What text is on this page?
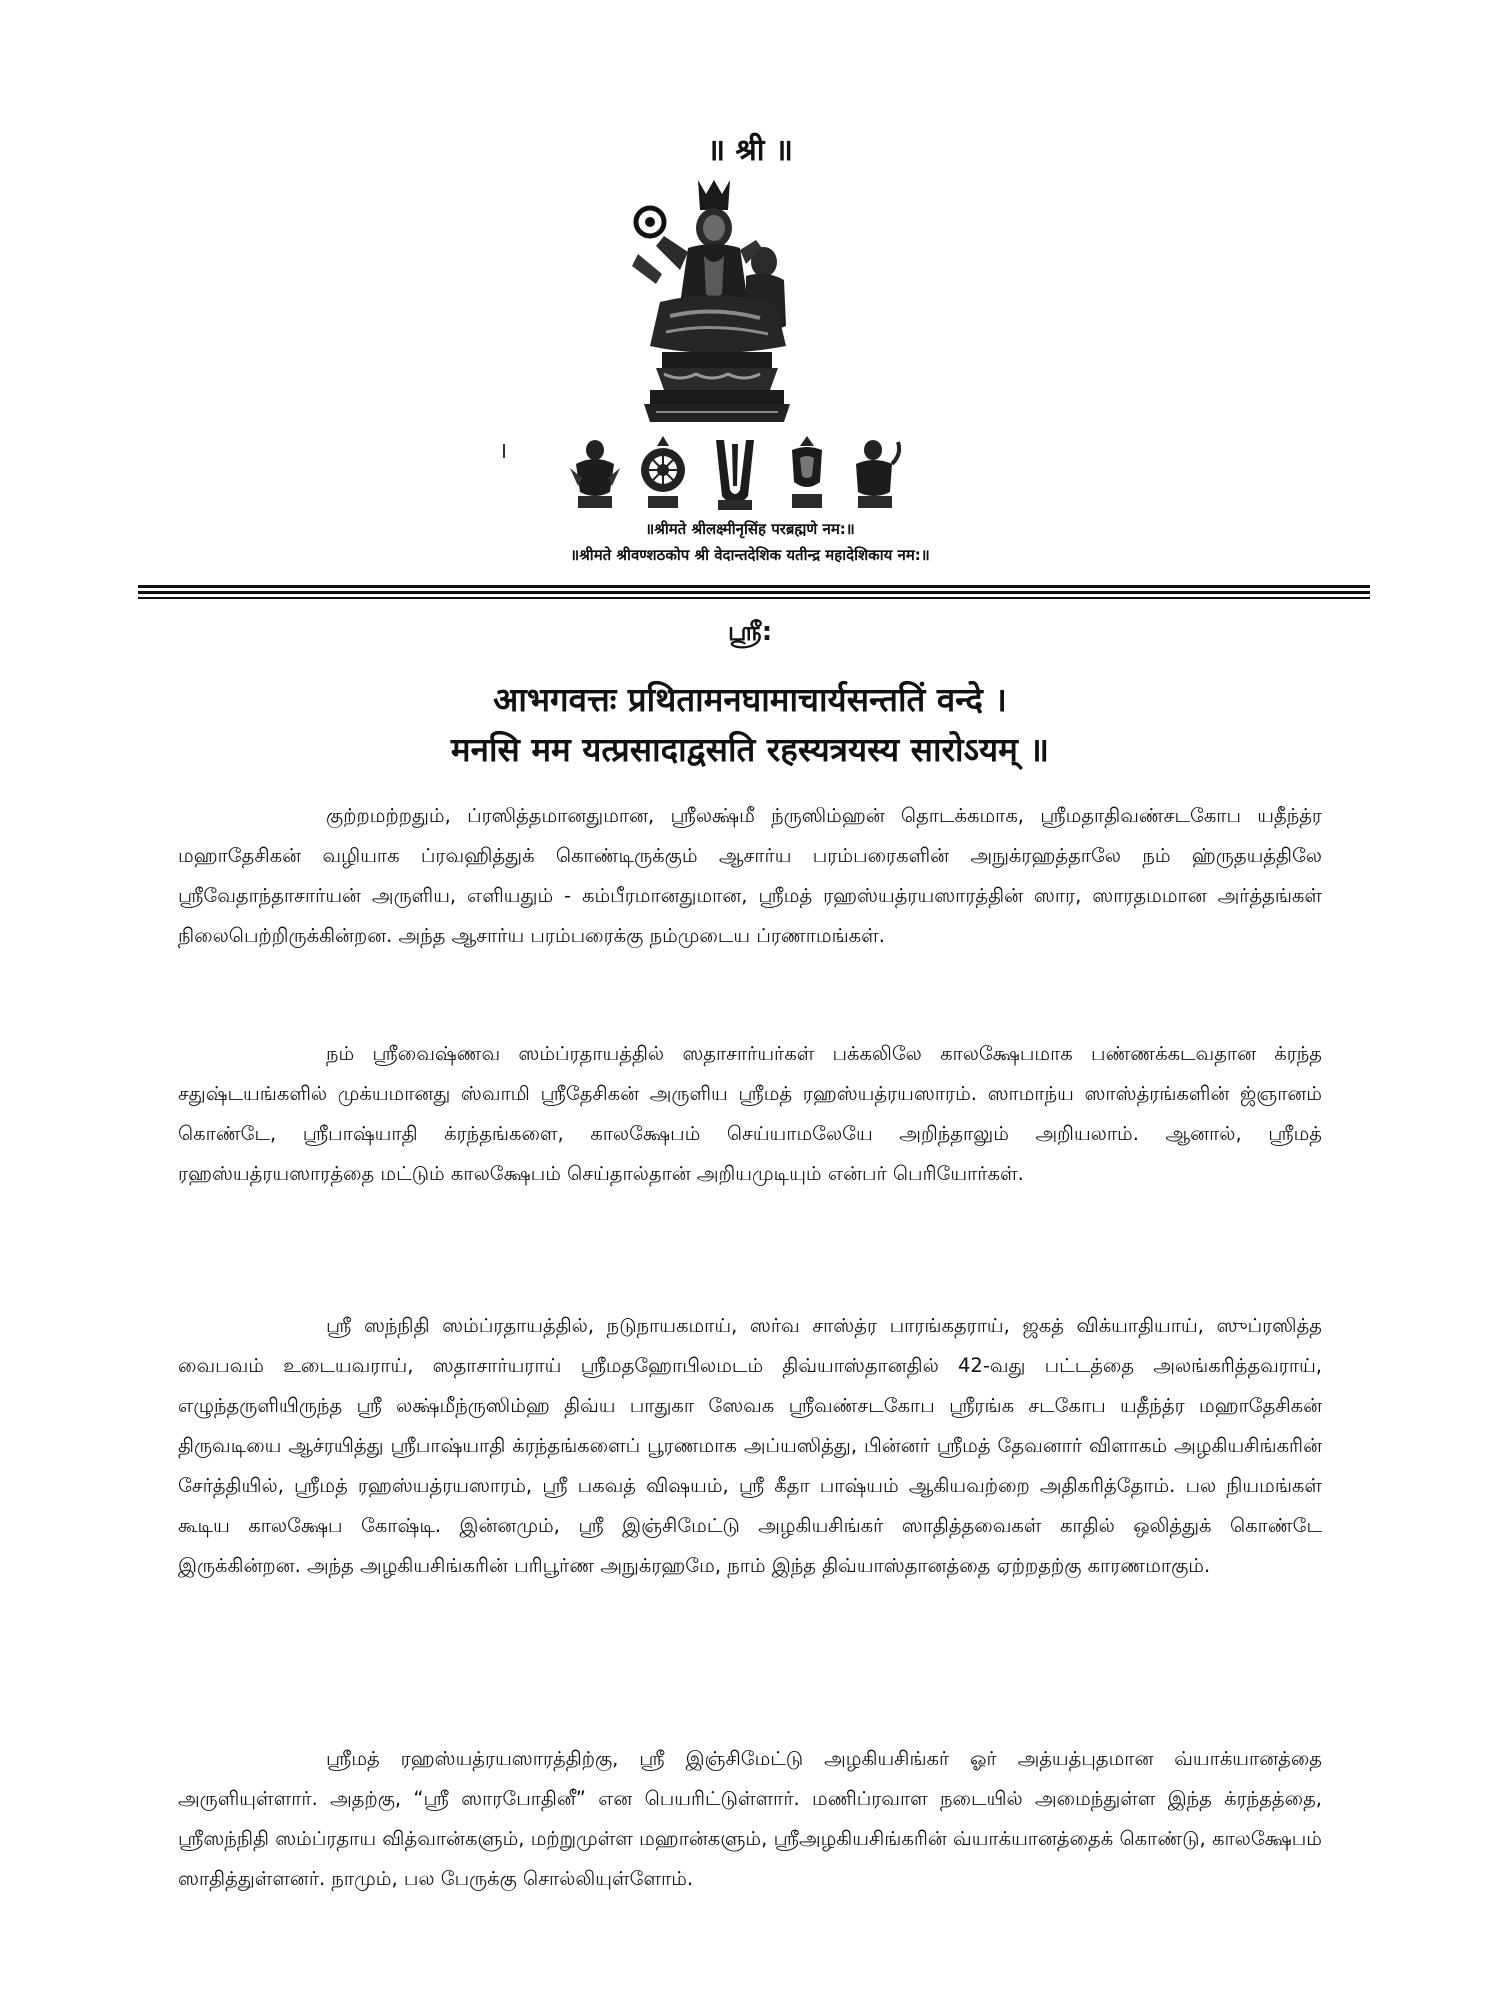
॥ श्री ॥
॥श्रीमते श्रीलक्ष्मीनृसिंह परब्रह्मणे नम:॥
॥श्रीमते श्रीवण्शठकोप श्री वेदान्तदेशिक यतीन्द्र महादेशिकाय नम:॥
ஸ்ரீ:
आभगवत्तः प्रथितामनघामाचार्यसन्ततिं वन्दे ।
मनसि मम यत्प्रसादाद्वसति रहस्यत्रयस्य सारोऽयम् ॥

குற்றமற்றதும், ப்ரஸித்தமானதுமான, ஸ்ரீலக்ஷ்மீ ந்ருஸிம்ஹன் தொடக்கமாக, ஸ்ரீமதாதிவண்சடகோப யதீந்த்ர மஹாதேசிகன் வழியாக ப்ரவஹித்துக் கொண்டிருக்கும் ஆசார்ய பரம்பரைகளின் அநுக்ரஹத்தாலே நம் ஹ்ருதயத்திலே ஸ்ரீவேதாந்தாசார்யன் அருளிய, எளியதும் - கம்பீரமானதுமான, ஸ்ரீமத் ரஹஸ்யத்ரயஸாரத்தின் ஸார, ஸாரதமமான அர்த்தங்கள் நிலைபெற்றிருக்கின்றன. அந்த ஆசார்ய பரம்பரைக்கு நம்முடைய ப்ரணாமங்கள்.

நம் ஸ்ரீவைஷ்ணவ ஸம்ப்ரதாயத்தில் ஸதாசார்யர்கள் பக்கலிலே காலக்ஷேபமாக பண்ணக்கடவதான க்ரந்த சதுஷ்டயங்களில் முக்யமானது ஸ்வாமி ஸ்ரீதேசிகன் அருளிய ஸ்ரீமத் ரஹஸ்யத்ரயஸாரம். ஸாமாந்ய ஸாஸ்த்ரங்களின் ஜ்ஞானம் கொண்டே, ஸ்ரீபாஷ்யாதி க்ரந்தங்களை, காலக்ஷேபம் செய்யாமலேயே அறிந்தாலும் அறியலாம். ஆனால், ஸ்ரீமத் ரஹஸ்யத்ரயஸாரத்தை மட்டும் காலக்ஷேபம் செய்தால்தான் அறியமுடியும் என்பர் பெரியோர்கள்.

ஸ்ரீ ஸந்நிதி ஸம்ப்ரதாயத்தில், நடுநாயகமாய், ஸர்வ சாஸ்த்ர பாரங்கதராய், ஜகத் விக்யாதியாய், ஸுப்ரஸித்த வைபவம் உடையவராய், ஸதாசார்யராய் ஸ்ரீமதஹோபிலமடம் திவ்யாஸ்தானதில் 42-வது பட்டத்தை அலங்கரித்தவராய், எழுந்தருளியிருந்த ஸ்ரீ லக்ஷ்மீந்ருஸிம்ஹ திவ்ய பாதுகா ஸேவக ஸ்ரீவண்சடகோப ஸ்ரீரங்க சடகோப யதீந்த்ர மஹாதேசிகன் திருவடியை ஆச்ரயித்து ஸ்ரீபாஷ்யாதி க்ரந்தங்களைப் பூரணமாக அப்யஸித்து, பின்னர் ஸ்ரீமத் தேவனார் விளாகம் அழகியசிங்கரின் சேர்த்தியில், ஸ்ரீமத் ரஹஸ்யத்ரயஸாரம், ஸ்ரீ பகவத் விஷயம், ஸ்ரீ கீதா பாஷ்யம் ஆகியவற்றை அதிகரித்தோம். பல நியமங்கள் கூடிய காலக்ஷேப கோஷ்டி. இன்னமும், ஸ்ரீ இஞ்சிமேட்டு அழகியசிங்கர் ஸாதித்தவைகள் காதில் ஒலித்துக் கொண்டே இருக்கின்றன. அந்த அழகியசிங்கரின் பரிபூர்ண அநுக்ரஹமே, நாம் இந்த திவ்யாஸ்தானத்தை ஏற்றதற்கு காரணமாகும்.

ஸ்ரீமத் ரஹஸ்யத்ரயஸாரத்திற்கு, ஸ்ரீ இஞ்சிமேட்டு அழகியசிங்கர் ஓர் அத்யத்புதமான வ்யாக்யானத்தை அருளியுள்ளார். அதற்கு, “ஸ்ரீ ஸாரபோதினீ” என பெயரிட்டுள்ளார். மணிப்ரவாள நடையில் அமைந்துள்ள இந்த க்ரந்தத்தை, ஸ்ரீஸந்நிதி ஸம்ப்ரதாய வித்வான்களும், மற்றுமுள்ள மஹான்களும், ஸ்ரீஅழகியசிங்கரின் வ்யாக்யானத்தைக் கொண்டு, காலக்ஷேபம் ஸாதித்துள்ளனர். நாமும், பல பேருக்கு சொல்லியுள்ளோம்.
